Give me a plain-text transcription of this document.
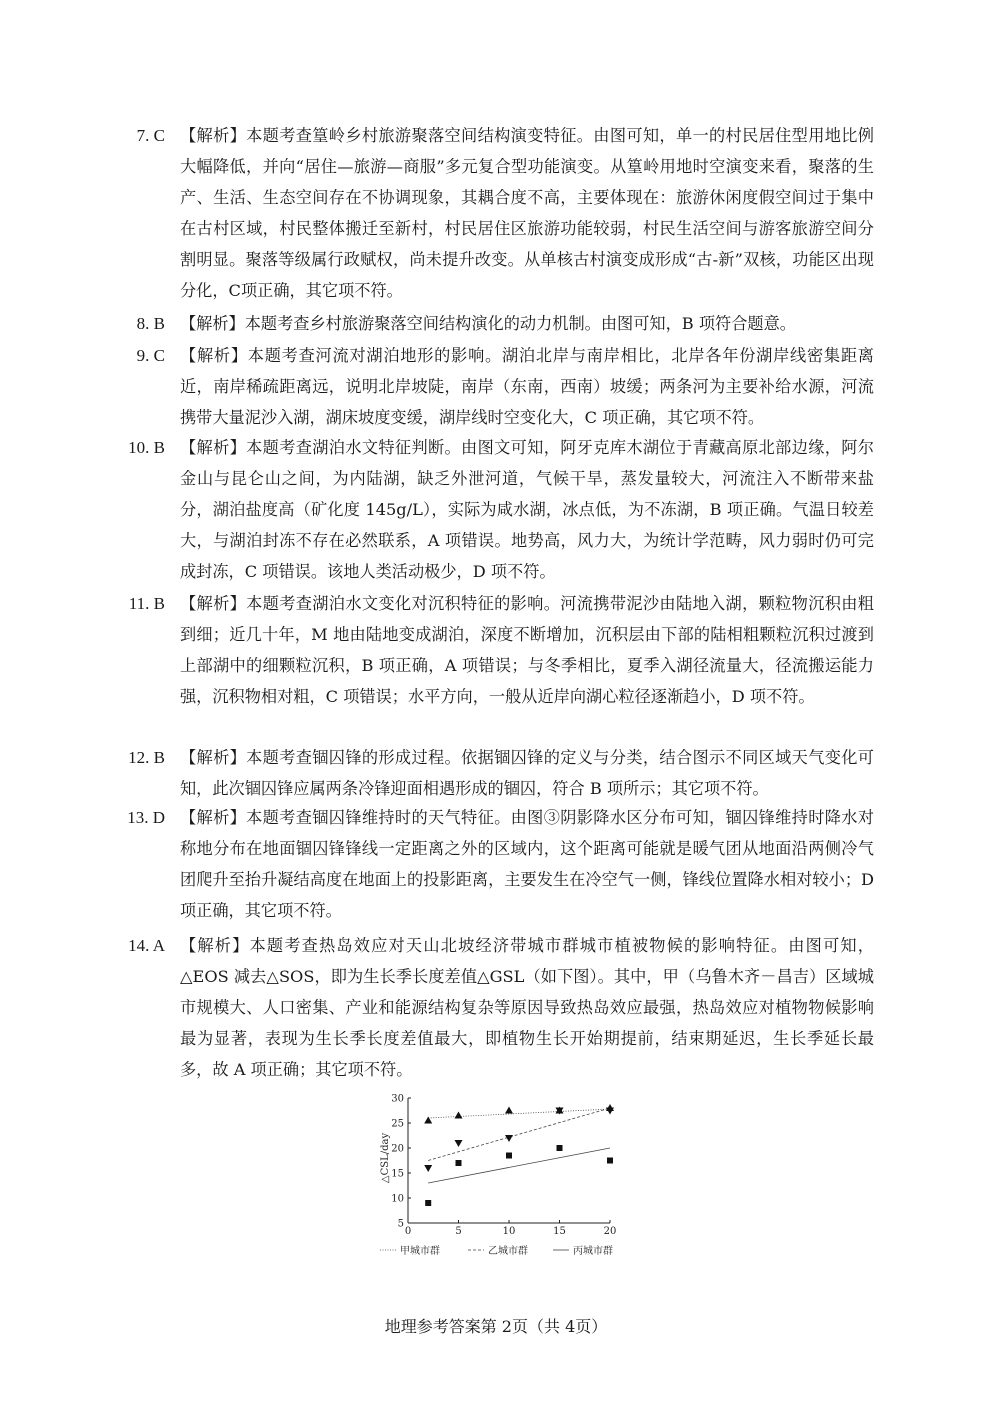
7. C 【解析】本题考查篁岭乡村旅游聚落空间结构演变特征。由图可知，单一的村民居住型用地比例大幅降低，并向“居住—旅游—商服”多元复合型功能演变。从篁岭用地时空演变来看，聚落的生产、生活、生态空间存在不协调现象，其耦合度不高，主要体现在：旅游休闲度假空间过于集中在古村区域，村民整体搬迁至新村，村民居住区旅游功能较弱，村民生活空间与游客旅游空间分割明显。聚落等级属行政赋权，尚未提升改变。从单核古村演变成形成“古-新”双核，功能区出现分化，C项正确，其它项不符。
8. B 【解析】本题考查乡村旅游聚落空间结构演化的动力机制。由图可知，B 项符合题意。
9. C 【解析】本题考查河流对湖泊地形的影响。湖泊北岸与南岸相比，北岸各年份湖岸线密集距离近，南岸稀疏距离远，说明北岸坡陡，南岸（东南，西南）坡缓；两条河为主要补给水源，河流携带大量泥沙入湖，湖床坡度变缓，湖岸线时空变化大，C 项正确，其它项不符。
10. B 【解析】本题考查湖泊水文特征判断。由图文可知，阿牙克库木湖位于青藏高原北部边缘，阿尔金山与昆仑山之间，为内陆湖，缺乏外泄河道，气候干旱，蒸发量较大，河流注入不断带来盐分，湖泊盐度高（矿化度 145g/L），实际为咸水湖，冰点低，为不冻湖，B 项正确。气温日较差大，与湖泊封冻不存在必然联系，A 项错误。地势高，风力大，为统计学范畴，风力弱时仍可完成封冻，C 项错误。该地人类活动极少，D 项不符。
11. B 【解析】本题考查湖泊水文变化对沉积特征的影响。河流携带泥沙由陆地入湖，颗粒物沉积由粗到细；近几十年，M 地由陆地变成湖泊，深度不断增加，沉积层由下部的陆相粗颗粒沉积过渡到上部湖中的细颗粒沉积，B 项正确，A 项错误；与冬季相比，夏季入湖径流量大，径流搬运能力强，沉积物相对粗，C 项错误；水平方向，一般从近岸向湖心粒径逐渐趋小，D 项不符。
12. B 【解析】本题考查锢囚锋的形成过程。依据锢囚锋的定义与分类，结合图示不同区域天气变化可知，此次锢囚锋应属两条冷锋迎面相遇形成的锢囚，符合 B 项所示；其它项不符。
13. D 【解析】本题考查锢囚锋维持时的天气特征。由图③阴影降水区分布可知，锢囚锋维持时降水对称地分布在地面锢囚锋锋线一定距离之外的区域内，这个距离可能就是暖气团从地面沿两侧冷气团爬升至抬升凝结高度在地面上的投影距离，主要发生在冷空气一侧，锋线位置降水相对较小；D 项正确，其它项不符。
14. A 【解析】本题考查热岛效应对天山北坡经济带城市群城市植被物候的影响特征。由图可知，△EOS 减去△SOS，即为生长季长度差值△GSL（如下图）。其中，甲（乌鲁木齐－昌吉）区域城市规模大、人口密集、产业和能源结构复杂等原因导致热岛效应最强，热岛效应对植物物候影响最为显著，表现为生长季长度差值最大，即植物生长开始期提前，结束期延迟，生长季延长最多，故 A 项正确；其它项不符。
△CSL/day
5
10
15
20
25
30
0	5	10	15	20
甲城市群	乙城市群	丙城市群
地理参考答案第 2页（共 4页）
